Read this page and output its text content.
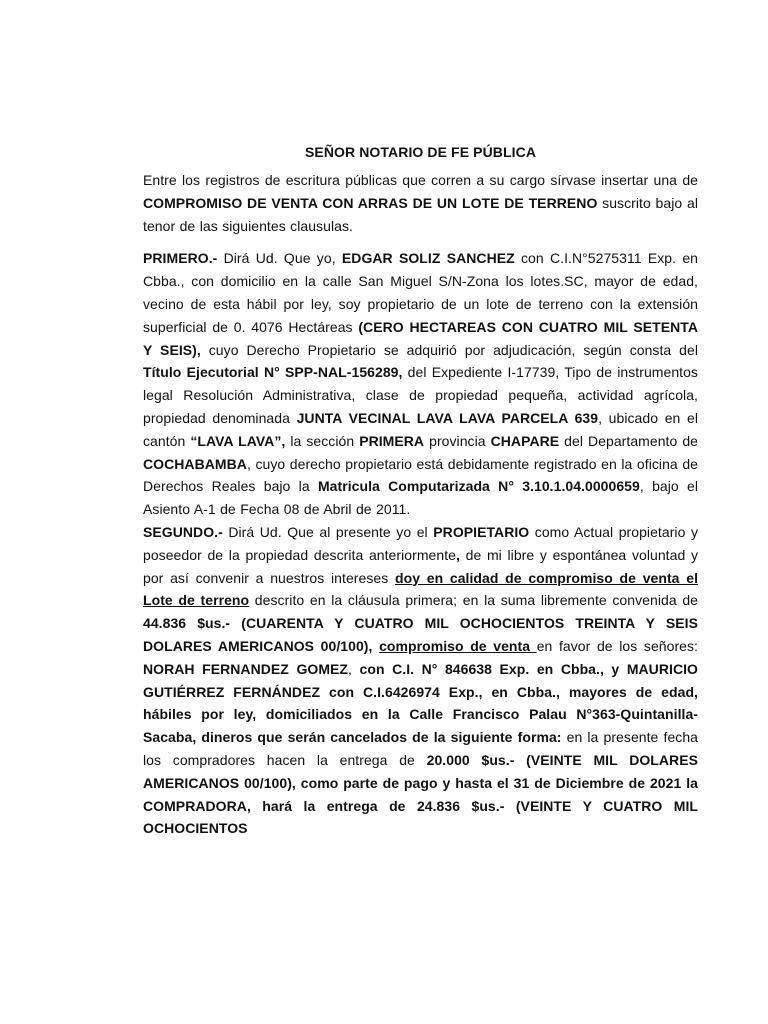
SEÑOR NOTARIO DE FE PÚBLICA

Entre los registros de escritura públicas que corren a su cargo sírvase insertar una de COMPROMISO DE VENTA CON ARRAS DE UN LOTE DE TERRENO suscrito bajo al tenor de las siguientes clausulas.

PRIMERO.- Dirá Ud. Que yo, EDGAR SOLIZ SANCHEZ con C.I.N°5275311 Exp. en Cbba., con domicilio en la calle San Miguel S/N-Zona los lotes.SC, mayor de edad, vecino de esta hábil por ley, soy propietario de un lote de terreno con la extensión superficial de 0. 4076 Hectáreas (CERO HECTAREAS CON CUATRO MIL SETENTA Y SEIS), cuyo Derecho Propietario se adquirió por adjudicación, según consta del Título Ejecutorial N° SPP-NAL-156289, del Expediente I-17739, Tipo de instrumentos legal Resolución Administrativa, clase de propiedad pequeña, actividad agrícola, propiedad denominada JUNTA VECINAL LAVA LAVA PARCELA 639, ubicado en el cantón “LAVA LAVA”, la sección PRIMERA provincia CHAPARE del Departamento de COCHABAMBA, cuyo derecho propietario está debidamente registrado en la oficina de Derechos Reales bajo la Matricula Computarizada N° 3.10.1.04.0000659, bajo el Asiento A-1 de Fecha 08 de Abril de 2011.

SEGUNDO.- Dirá Ud. Que al presente yo el PROPIETARIO como Actual propietario y poseedor de la propiedad descrita anteriormente, de mi libre y espontánea voluntad y por así convenir a nuestros intereses doy en calidad de compromiso de venta el Lote de terreno descrito en la cláusula primera; en la suma libremente convenida de 44.836 $us.- (CUARENTA Y CUATRO MIL OCHOCIENTOS TREINTA Y SEIS DOLARES AMERICANOS 00/100), compromiso de venta en favor de los señores: NORAH FERNANDEZ GOMEZ, con C.I. N° 846638 Exp. en Cbba., y MAURICIO GUTIÉRREZ FERNÁNDEZ con C.I.6426974 Exp., en Cbba., mayores de edad, hábiles por ley, domiciliados en la Calle Francisco Palau N°363-Quintanilla-Sacaba, dineros que serán cancelados de la siguiente forma: en la presente fecha los compradores hacen la entrega de 20.000 $us.- (VEINTE MIL DOLARES AMERICANOS 00/100), como parte de pago y hasta el 31 de Diciembre de 2021 la COMPRADORA, hará la entrega de 24.836 $us.- (VEINTE Y CUATRO MIL OCHOCIENTOS
